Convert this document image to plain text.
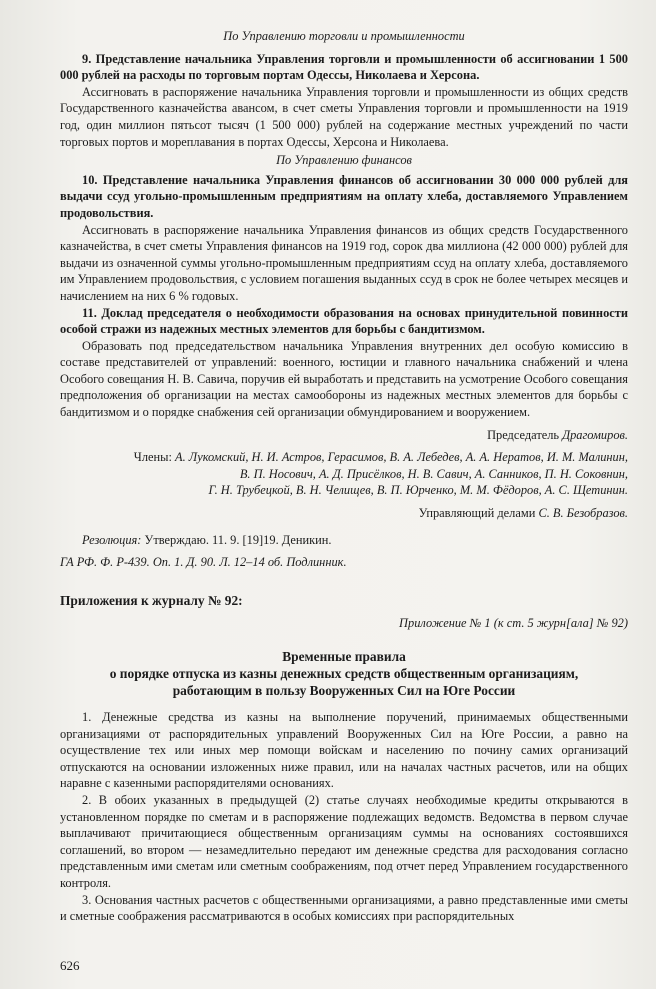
По Управлению торговли и промышленности

9. Представление начальника Управления торговли и промышленности об ассигновании 1 500 000 рублей на расходы по торговым портам Одессы, Николаева и Херсона.

Ассигновать в распоряжение начальника Управления торговли и промышленности из общих средств Государственного казначейства авансом, в счет сметы Управления торговли и промышленности на 1919 год, один миллион пятьсот тысяч (1 500 000) рублей на содержание местных учреждений по части торговых портов и мореплавания в портах Одессы, Херсона и Николаева.

По Управлению финансов

10. Представление начальника Управления финансов об ассигновании 30 000 000 рублей для выдачи ссуд угольно-промышленным предприятиям на оплату хлеба, доставляемого Управлением продовольствия.

Ассигновать в распоряжение начальника Управления финансов из общих средств Государственного казначейства, в счет сметы Управления финансов на 1919 год, сорок два миллиона (42 000 000) рублей для выдачи из означенной суммы угольно-промышленным предприятиям ссуд на оплату хлеба, доставляемого им Управлением продовольствия, с условием погашения выданных ссуд в срок не более четырех месяцев и начислением на них 6 % годовых.

11. Доклад председателя о необходимости образования на основах принудительной повинности особой стражи из надежных местных элементов для борьбы с бандитизмом.

Образовать под председательством начальника Управления внутренних дел особую комиссию в составе представителей от управлений: военного, юстиции и главного начальника снабжений и члена Особого совещания Н. В. Савича, поручив ей выработать и представить на усмотрение Особого совещания предположения об организации на местах самообороны из надежных местных элементов для борьбы с бандитизмом и о порядке снабжения сей организации обмундированием и вооружением.

Председатель Драгомиров.

Члены: А. Лукомский, Н. И. Астров, Герасимов, В. А. Лебедев, А. А. Нератов, И. М. Малинин,

В. П. Носович, А. Д. Присёлков, Н. В. Савич, А. Санников, П. Н. Соковнин,

Г. Н. Трубецкой, В. Н. Челищев, В. П. Юрченко, М. М. Фёдоров, А. С. Щетинин.

Управляющий делами С. В. Безобразов.

Резолюция: Утверждаю. 11. 9. [19]19. Деникин.

ГА РФ. Ф. Р-439. Оп. 1. Д. 90. Л. 12–14 об. Подлинник.

Приложения к журналу № 92:

Приложение № 1 (к ст. 5 журн[ала] № 92)

Временные правила
о порядке отпуска из казны денежных средств общественным организациям,
работающим в пользу Вооруженных Сил на Юге России

1. Денежные средства из казны на выполнение поручений, принимаемых общественными организациями от распорядительных управлений Вооруженных Сил на Юге России, а равно на осуществление тех или иных мер помощи войскам и населению по почину самих организаций отпускаются на основании изложенных ниже правил, или на началах частных расчетов, или на общих наравне с казенными распорядителями основаниях.

2. В обоих указанных в предыдущей (2) статье случаях необходимые кредиты открываются в установленном порядке по сметам и в распоряжение подлежащих ведомств. Ведомства в первом случае выплачивают причитающиеся общественным организациям суммы на основаниях состоявшихся соглашений, во втором — незамедлительно передают им денежные средства для расходования согласно представленным ими сметам или сметным соображениям, под отчет перед Управлением государственного контроля.

3. Основания частных расчетов с общественными организациями, а равно представленные ими сметы и сметные соображения рассматриваются в особых комиссиях при распорядительных

626
